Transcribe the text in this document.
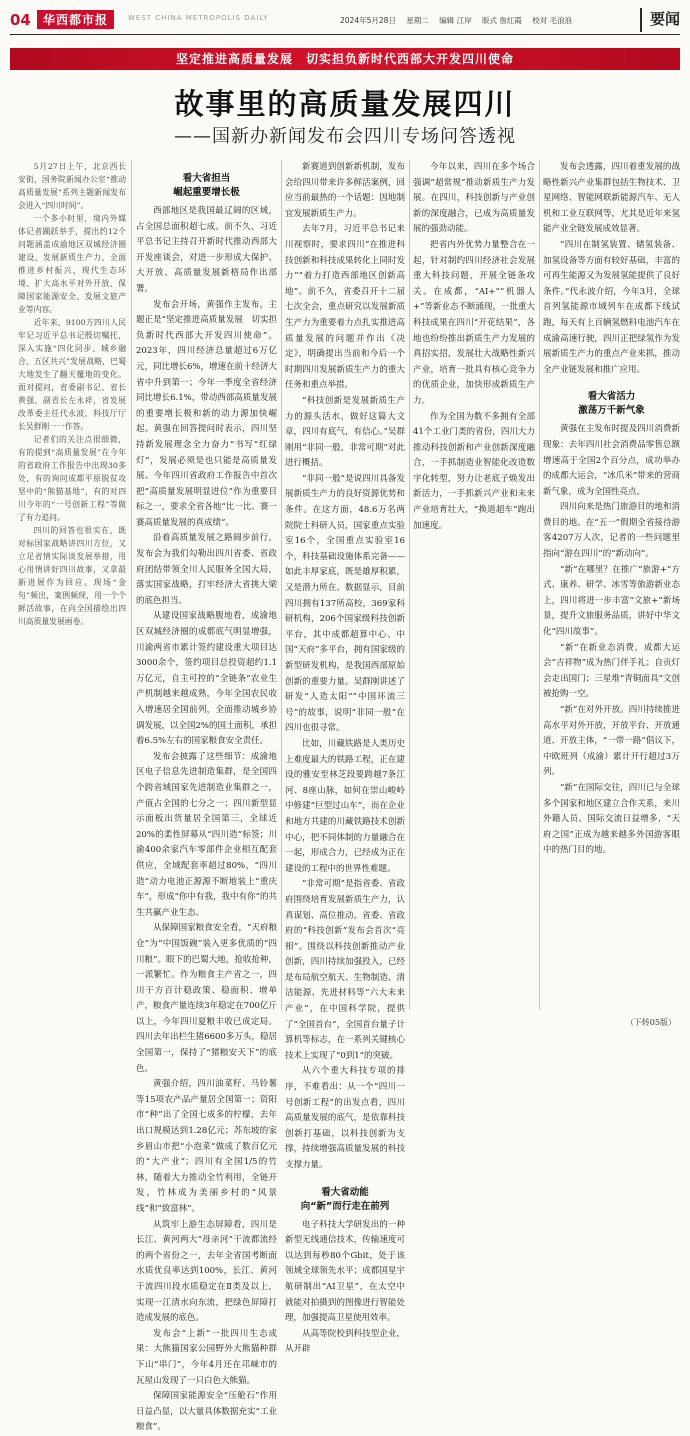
04	华西都市报	WEST CHINA METROPOLIS DAILY	2024年5月28日 星期二 编辑 江岸 版式 詹红霞 校对 毛浪浪	要闻
坚定推进高质量发展　切实担负新时代西部大开发四川使命
故事里的高质量发展四川
——国新办新闻发布会四川专场问答透视

5月27日上午，北京西长安街，国务院新闻办公室“推动高质量发展”系列主题新闻发布会进入“四川时间”。

一个多小时里，境内外媒体记者踊跃举手，提出约12个问题涵盖成渝地区双城经济圈建设、发展新质生产力、全面推进乡村振兴、现代生态环境、扩大高水平对外开放、保障国家能源安全、发展文旅产业等内容。

近年来，9100万四川人民牢记习近平总书记殷切嘱托，深入实施“四化同步、城乡融合、五区共兴”发展战略，巴蜀大地发生了翻天覆地的变化。面对提问，省委副书记、省长黄强，副省长左永祥，省发展改革委主任代永波，科技厅厅长吴群刚一一作答。

记者们的关注点很细微，有的提到“高质量发展”在今年的省政府工作报告中出现30多处，有的询问成都平原脱贫攻坚中的“熊猫基地”，有的对四川今年的“一号创新工程”等做了有力追问。

四川的回答也很实在，既对标国家战略讲四川方位，又立足省情实际谈发展举措，用心用情讲好四川故事，又拿最新进展作为回应。现场“金句”频出，案例频现，用一个个鲜活故事，在向全国描绘出四川高质量发展画卷。

看大省担当
崛起重要增长极

西部地区是我国最辽阔的区域，占全国总面积超七成。前不久，习近平总书记主持召开新时代推动西部大开发座谈会，对进一步形成大保护、大开放、高质量发展新格局作出部署。

发布会开场，黄强作主发布，主题正是“坚定推进高质量发展　切实担负新时代西部大开发四川使命”。2023年，四川经济总量超过6万亿元，同比增长6%，增速在前十经济大省中升到第一；今年一季度全省经济同比增长6.1%，带动西部高质量发展的重要增长极和新的动力源加快崛起。黄强在回答提问时表示，四川坚持新发展理念全力奋力“书写”红绿灯”，发展必须是也只能是高质量发展。今年四川省政府工作报告中首次把“高质量发展明显进位”作为重要目标之一，要求全省各地“比一比、赛一赛高质量发展的真成绩”。

沿着高质量发展之路阔步前行，发布会为我们勾勒出四川省委、省政府团结带领全川人民服务全国大局，落实国家战略，打牢经济大省挑大梁的底色担当。

从建设国家战略腹地看，成渝地区双城经济圈的成都底气明显增强，川渝两省市累计签约建设重大项目达3000余个，签约项目总投资超约1.1万亿元，自主可控的“全链条”农业生产机制越来越成熟，今年全国农民收入增速居全国前列，全面推动城乡协调发展，以全国2%的国土面积，承担着6.5%左右的国家粮食安全责任。

发布会披露了这些细节：成渝地区电子信息先进制造集群，是全国四个跨省域国家先进制造业集群之一，产值占全国的七分之一；四川新型显示面板出货量居全国第三，全球近20%的柔性屏幕从“四川造”标签；川渝400余家汽车零部件企业相互配套供应，全域配套率超过80%，“四川造”动力电池正源源不断地装上“重庆车”，形成“你中有我，我中有你”的共生共赢产业生态。

从保障国家粮食安全看，“天府粮仓”为“中国饭碗”装入更多优质的“四川粮”。眼下的巴蜀大地，抢收抢种，一派繁忙。作为粮食主产省之一，四川干方百计稳政策、稳面积、增单产，粮食产量连续3年稳定在700亿斤以上，今年四川夏粮丰收已成定局。四川去年出栏生猪6600多万头，稳居全国第一，保持了“猪粮安天下”的底色。

黄强介绍，四川油菜籽、马铃薯等15项农产品产量居全国第一；资阳市“种”出了全国七成多的柠檬，去年出口规模达到1.28亿元；苏东坡的家乡眉山市把“小泡菜”做成了数百亿元的“大产业”；四川有全国1/5的竹林，随着大力推动全竹利用，全链开发，竹林成为美丽乡村的“风景线”和“致富林”。

从筑牢上游生态屏障看，四川是长江、黄河两大“母亲河”干流都流经的两个省份之一，去年全省国考断面水质优良率达到100%，长江、黄河干流四川段水质稳定在Ⅱ类及以上，实现一江清水向东流，把绿色屏障打造成发展的底色。

发布会“上新”一批四川生态成果：大熊猫国家公园野外大熊猫种群下山“串门”，今年4月还在邛崃市的瓦屋山发现了一只白色大熊猫。

保障国家能源安全“压舱石”作用日益凸显，以大量具体数据充实“工业粮食”。

新赛道到创新新机制，发布会给四川带来许多鲜活案例，回应当前最热的一个话题：因地制宜发展新质生产力。

去年7月，习近平总书记来川视察时，要求四川“在推进科技创新和科技成果转化上同时发力”“着力打造西部地区创新高地”。前不久，省委召开十二届七次全会，重点研究以发展新质生产力为重要着力点扎实推进高质量发展的问题并作出《决定》，明确提出当前和今后一个时期四川发展新质生产力的重大任务和重点举措。

“科技创新是发展新质生产力的源头活水，做好这篇大文章，四川有底气，有信心。”吴群刚用“非同一般，非常可期”对此进行概括。

“非同一般”是说四川具备发展新质生产力的良好资源优势和条件。在这方面，48.6万名两院院士科研人员，国家重点实验室16个，全国重点实验室16个，科技基础设施体系完备——如此丰厚家底，既是雄厚积累，又是潜力所在。数据显示，目前四川拥有137所高校，369家科研机构，206个国家级科技创新平台，其中成都超算中心、中国“天府”多平台，拥有国家级的新型研发机构，是我国西部原始创新的重要力量。吴群刚讲述了研发“人造太阳”“中国环流三号”的故事，说明“非同一般”在四川也很寻常。

比如，川藏铁路是人类历史上难度最大的铁路工程，正在建设的雅安至林芝段要跨越7条江河、8座山脉，如何在崇山峻岭中修建“巨型过山车”，而在企业和地方共建的川藏铁路技术创新中心，把不同体制的力量融合在一起，形成合力，已经成为正在建设的工程中的世界性难题。

“非常可期”是指省委、省政府围绕培育发展新质生产力，认真谋划、高位推动。省委、省政府的“科技创新”发布会首次“亮相”。围绕以科技创新推动产业创新，四川持续加强投入，已经是布局航空航天、生物制造、清洁能源、先进材料等“六大未来产业”，在中国科学院，提供了“全国首台”，全国首台量子计算机等标志，在一系列关键核心技术上实现了“0到1”的突破。

从六个重大科技专项的排序，不难看出：从一个“四川一号创新工程”的出发点看，四川高质量发展的底气，是依靠科技创新打基础，以科技创新为支撑，持续增强高质量发展的科技支撑力量。

看大省动能
向“新”而行走在前列

电子科技大学研发出的一种新型无线通信技术，传输速度可以达到每秒80个Gbit，处于该领域全球领先水平；成都国星宇航研制出“AI卫星”，在太空中就能对拍摄到的图像进行智能处理，加强提高卫星使用效率。

从高等院校到科技型企业，从开辟

今年以来，四川在多个场合强调“超常规”推动新质生产力发展。在四川，科技创新与产业创新的深度融合，已成为高质量发展的强劲动能。

把省内外优势力量整合在一起，针对制约四川经济社会发展重大科技问题，开展全链条攻关。在成都，“AI+”“机器人+”等新业态不断涌现，一批重大科技成果在四川“开花结果”，各地也纷纷推出新质生产力发展的真招实招，发展壮大战略性新兴产业，培育一批具有核心竞争力的优质企业，加快形成新质生产力。

作为全国为数不多拥有全部41个工业门类的省份，四川大力推动科技创新和产业创新深度融合，一手抓制造业智能化改造数字化转型，努力让老底子焕发出新活力，一手抓新兴产业和未来产业培育壮大，“换道超车”跑出加速度。

发布会透露，四川着重发展的战略性新兴产业集群包括生物技术、卫星网络、智能网联新能源汽车、无人机和工业互联网等，尤其是近年来氢能产业全链发展成效显著。

“四川在制氢装置、储氢装备、加氢设备等方面有较好基础，丰富的可再生能源又为发展氢能提供了良好条件。”代永波介绍，今年3月，全球首列氢能源市域列车在成都下线试跑，每天有上百辆氢燃料电池汽车在成渝高速行驶，四川正把绿氢作为发展新质生产力的重点产业来抓，推动全产业链发展和推广应用。

看大省活力
激荡万千新气象

黄强在主发布时提及四川消费新现象：去年四川社会消费品零售总额增速高于全国2个百分点，成功举办的成都大运会，“冰爪米”带来的营商新气象，成为全国性亮点。

四川向来是热门旅游目的地和消费目的地。在“五一”假期全省接待游客4207万人次，记者的一些问题里指向“游在四川”的“新动向”。

“新”在哪里？在推广“旅游+”方式、康养、研学、冰雪等旅游新业态上，四川将进一步丰富“文旅+”新场景，提升文旅服务品质，讲好中华文化“四川故事”。

“新”在新业态消费，成都大运会“吉祥物”成为热门伴手礼；自贡灯会走出国门；三星堆“青铜面具”文创被抢购一空。

“新”在对外开放。四川持续推进高水平对外开放，开放平台、开放通道、开放主体，“一带一路”倡议下，中欧班列（成渝）累计开行超过3万列。

“新”在国际交往，四川已与全球多个国家和地区建立合作关系，来川外籍人员、国际交流日益增多，“天府之国”正成为越来越多外国游客眼中的热门目的地。

（下转05版）
